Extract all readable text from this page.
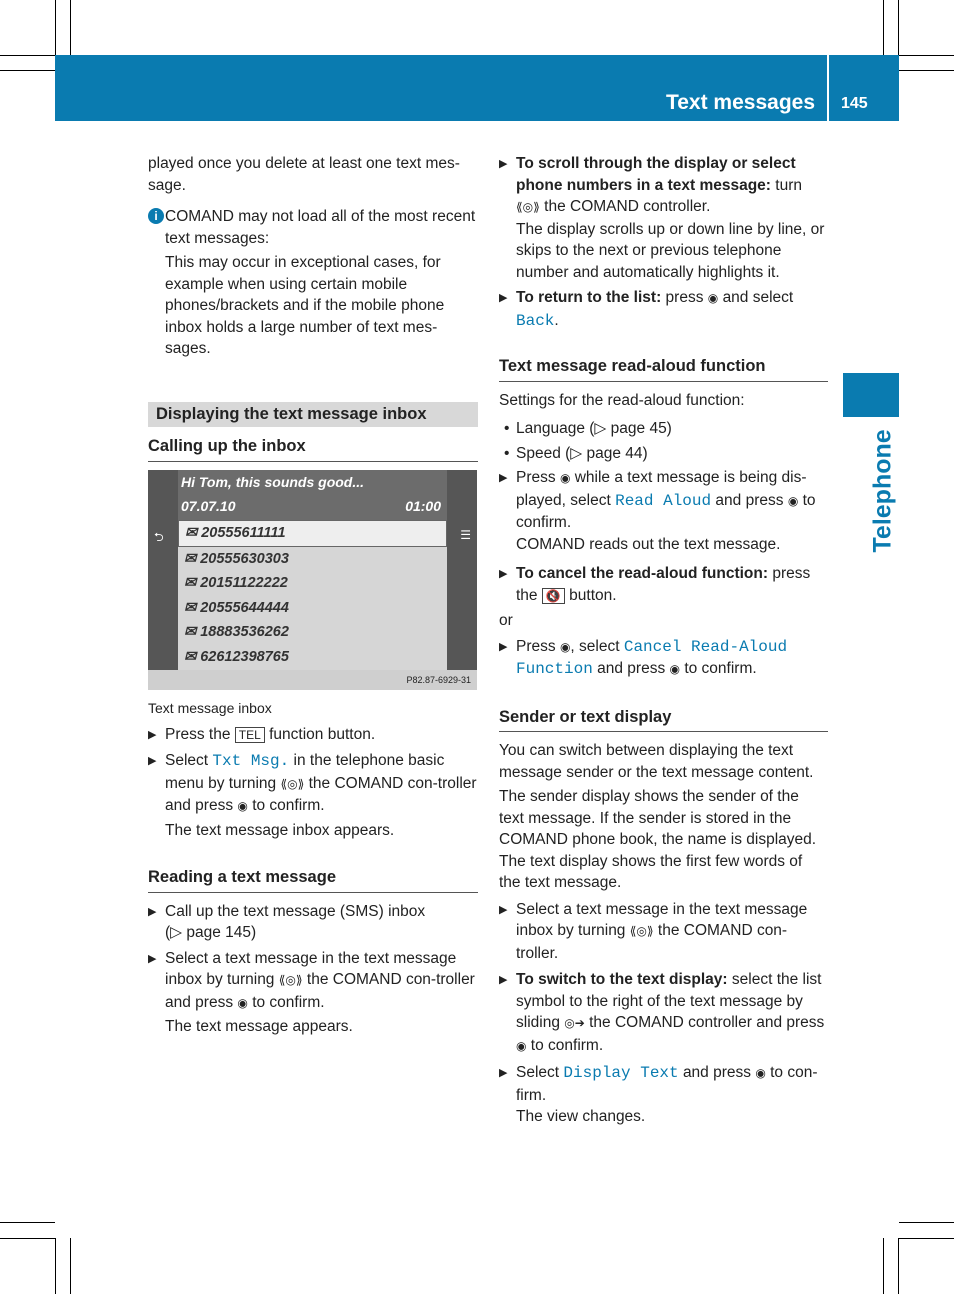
Text messages 145
Telephone

played once you delete at least one text mes-sage.

i COMAND may not load all of the most recent text messages:

This may occur in exceptional cases, for example when using certain mobile phones/brackets and if the mobile phone inbox holds a large number of text mes-sages.

Displaying the text message inbox
Calling up the inbox
Hi Tom, this sounds good...
07.07.10	01:00
⮌	☰
✉ 20555611111
✉ 20555630303
✉ 20151122222
✉ 20555644444
✉ 18883536262
✉ 62612398765
P82.87-6929-31

Text message inbox

▶ Press the TEL function button.
▶ Select Txt Msg. in the telephone basic menu by turning ⟪◎⟫ the COMAND con-troller and press ◉ to confirm.

The text message inbox appears.

Reading a text message
▶ Call up the text message (SMS) inbox

(▷ page 145)

▶ Select a text message in the text message inbox by turning ⟪◎⟫ the COMAND con-troller and press ◉ to confirm.

The text message appears.

▶ To scroll through the display or select phone numbers in a text message: turn ⟪◎⟫ the COMAND controller.

The display scrolls up or down line by line, or skips to the next or previous telephone number and automatically highlights it.

▶ To return to the list: press ◉ and select Back.
Text message read-aloud function

Settings for the read-aloud function:

• Language (▷ page 45)
• Speed (▷ page 44)
▶ Press ◉ while a text message is being dis-played, select Read Aloud and press ◉ to confirm.

COMAND reads out the text message.

▶ To cancel the read-aloud function: press the 🔇 button.

or

▶ Press ◉, select Cancel Read-Aloud Function and press ◉ to confirm.
Sender or text display

You can switch between displaying the text message sender or the text message content.

The sender display shows the sender of the text message. If the sender is stored in the COMAND phone book, the name is displayed. The text display shows the first few words of the text message.

▶ Select a text message in the text message inbox by turning ⟪◎⟫ the COMAND con-troller.
▶ To switch to the text display: select the list symbol to the right of the text message by sliding ◎➔ the COMAND controller and press ◉ to confirm.
▶ Select Display Text and press ◉ to con-firm.

The view changes.
